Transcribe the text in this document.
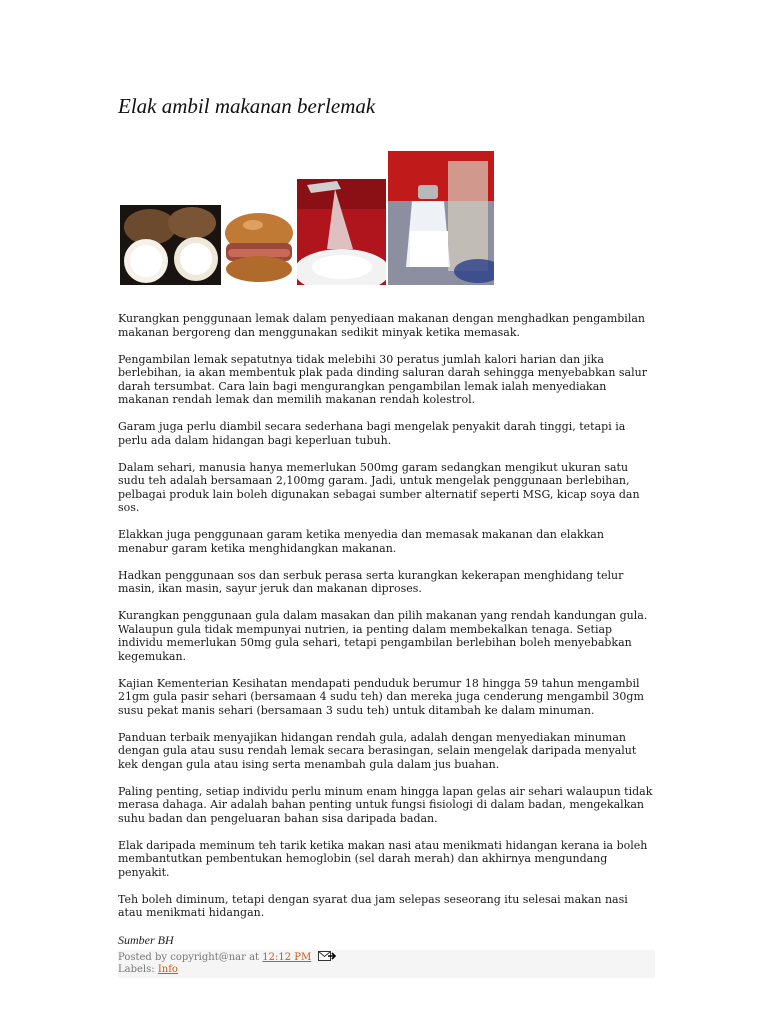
Elak ambil makanan berlemak

Kurangkan penggunaan lemak dalam penyediaan makanan dengan menghadkan pengambilan makanan bergoreng dan menggunakan sedikit minyak ketika memasak.

Pengambilan lemak sepatutnya tidak melebihi 30 peratus jumlah kalori harian dan jika berlebihan, ia akan membentuk plak pada dinding saluran darah sehingga menyebabkan salur darah tersumbat. Cara lain bagi mengurangkan pengambilan lemak ialah menyediakan makanan rendah lemak dan memilih makanan rendah kolestrol.

Garam juga perlu diambil secara sederhana bagi mengelak penyakit darah tinggi, tetapi ia perlu ada dalam hidangan bagi keperluan tubuh.

Dalam sehari, manusia hanya memerlukan 500mg garam sedangkan mengikut ukuran satu sudu teh adalah bersamaan 2,100mg garam. Jadi, untuk mengelak penggunaan berlebihan, pelbagai produk lain boleh digunakan sebagai sumber alternatif seperti MSG, kicap soya dan sos.

Elakkan juga penggunaan garam ketika menyedia dan memasak makanan dan elakkan menabur garam ketika menghidangkan makanan.

Hadkan penggunaan sos dan serbuk perasa serta kurangkan kekerapan menghidang telur masin, ikan masin, sayur jeruk dan makanan diproses.

Kurangkan penggunaan gula dalam masakan dan pilih makanan yang rendah kandungan gula. Walaupun gula tidak mempunyai nutrien, ia penting dalam membekalkan tenaga. Setiap individu memerlukan 50mg gula sehari, tetapi pengambilan berlebihan boleh menyebabkan kegemukan.

Kajian Kementerian Kesihatan mendapati penduduk berumur 18 hingga 59 tahun mengambil 21gm gula pasir sehari (bersamaan 4 sudu teh) dan mereka juga cenderung mengambil 30gm susu pekat manis sehari (bersamaan 3 sudu teh) untuk ditambah ke dalam minuman.

Panduan terbaik menyajikan hidangan rendah gula, adalah dengan menyediakan minuman dengan gula atau susu rendah lemak secara berasingan, selain mengelak daripada menyalut kek dengan gula atau ising serta menambah gula dalam jus buahan.

Paling penting, setiap individu perlu minum enam hingga lapan gelas air sehari walaupun tidak merasa dahaga. Air adalah bahan penting untuk fungsi fisiologi di dalam badan, mengekalkan suhu badan dan pengeluaran bahan sisa daripada badan.

Elak daripada meminum teh tarik ketika makan nasi atau menikmati hidangan kerana ia boleh membantutkan pembentukan hemoglobin (sel darah merah) dan akhirnya mengundang penyakit.

Teh boleh diminum, tetapi dengan syarat dua jam selepas seseorang itu selesai makan nasi atau menikmati hidangan.

Sumber BH
Posted by copyright@nar at 12:12 PM
Labels: Info
